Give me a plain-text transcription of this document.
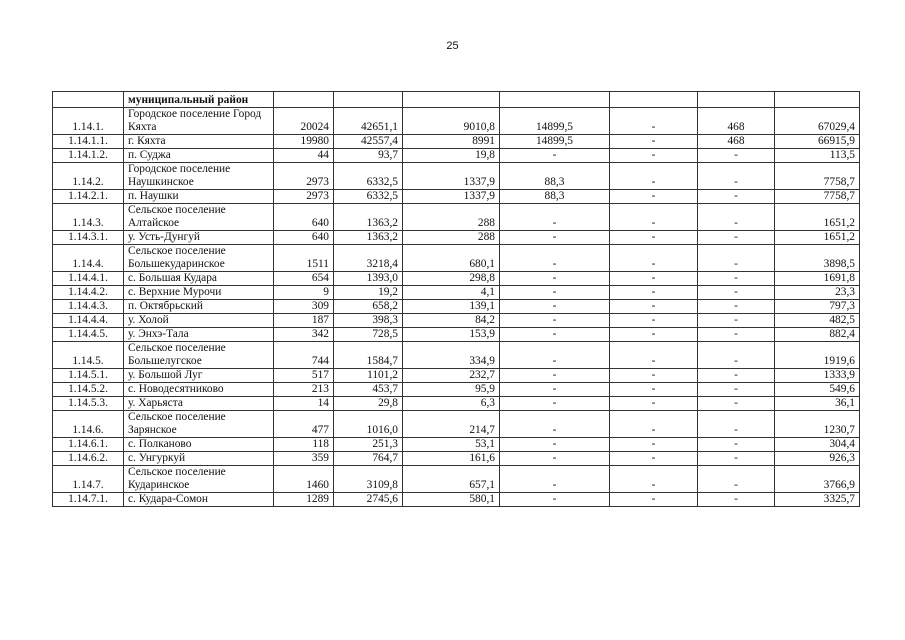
25
	муниципальный район							
1.14.1.	Городское поселение Город Кяхта	20024	42651,1	9010,8	14899,5	-	468	67029,4
1.14.1.1.	г. Кяхта	19980	42557,4	8991	14899,5	-	468	66915,9
1.14.1.2.	п. Суджа	44	93,7	19,8	-	-	-	113,5
1.14.2.	Городское поселение Наушкинское	2973	6332,5	1337,9	88,3	-	-	7758,7
1.14.2.1.	п. Наушки	2973	6332,5	1337,9	88,3	-	-	7758,7
1.14.3.	Сельское поселение Алтайское	640	1363,2	288	-	-	-	1651,2
1.14.3.1.	у. Усть-Дунгуй	640	1363,2	288	-	-	-	1651,2
1.14.4.	Сельское поселение Большекударинское	1511	3218,4	680,1	-	-	-	3898,5
1.14.4.1.	с. Большая Кудара	654	1393,0	298,8	-	-	-	1691,8
1.14.4.2.	с. Верхние Мурочи	9	19,2	4,1	-	-	-	23,3
1.14.4.3.	п. Октябрьский	309	658,2	139,1	-	-	-	797,3
1.14.4.4.	у. Холой	187	398,3	84,2	-	-	-	482,5
1.14.4.5.	у. Энхэ-Тала	342	728,5	153,9	-	-	-	882,4
1.14.5.	Сельское поселение Большелугское	744	1584,7	334,9	-	-	-	1919,6
1.14.5.1.	у. Большой Луг	517	1101,2	232,7	-	-	-	1333,9
1.14.5.2.	с. Новодесятниково	213	453,7	95,9	-	-	-	549,6
1.14.5.3.	у. Харьяста	14	29,8	6,3	-	-	-	36,1
1.14.6.	Сельское поселение Зарянское	477	1016,0	214,7	-	-	-	1230,7
1.14.6.1.	с. Полканово	118	251,3	53,1	-	-	-	304,4
1.14.6.2.	с. Унгуркуй	359	764,7	161,6	-	-	-	926,3
1.14.7.	Сельское поселение Кударинское	1460	3109,8	657,1	-	-	-	3766,9
1.14.7.1.	с. Кудара-Сомон	1289	2745,6	580,1	-	-	-	3325,7
